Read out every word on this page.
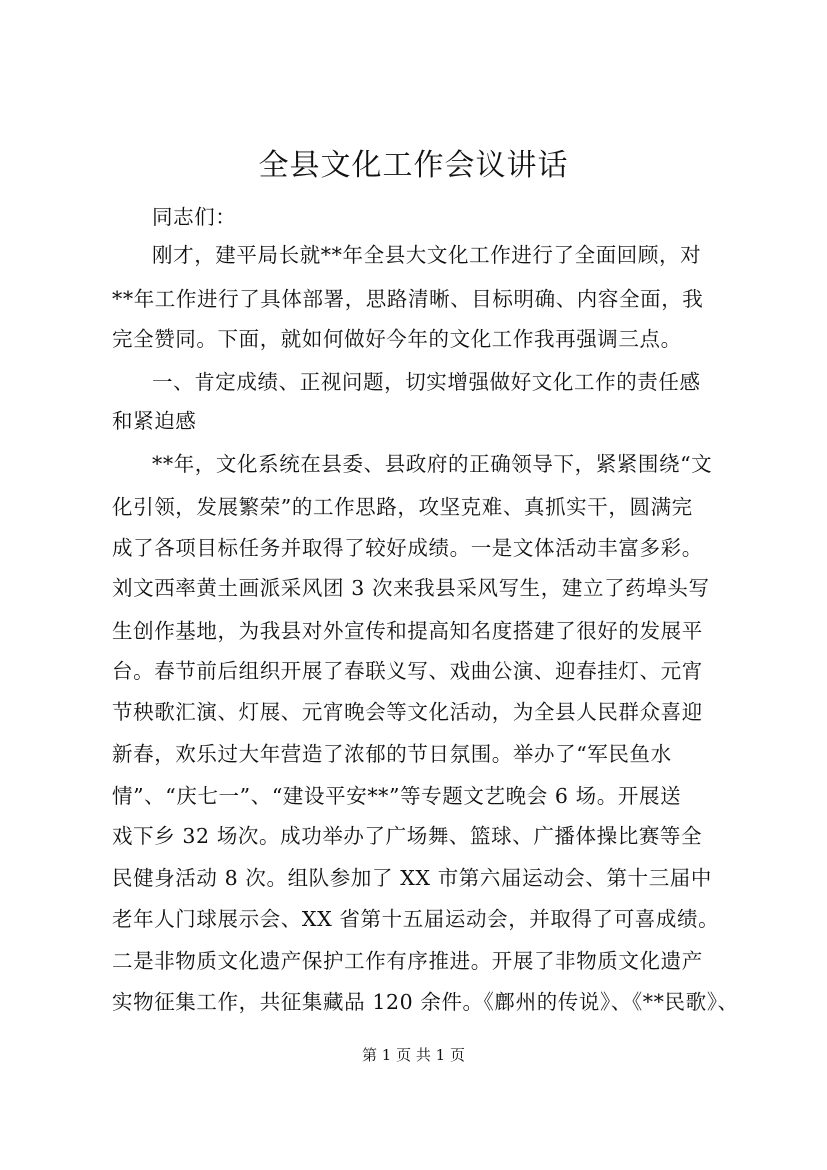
全县文化工作会议讲话
同志们：
刚才，建平局长就**年全县大文化工作进行了全面回顾，对
**年工作进行了具体部署，思路清晰、目标明确、内容全面，我
完全赞同。下面，就如何做好今年的文化工作我再强调三点。
一、肯定成绩、正视问题，切实增强做好文化工作的责任感
和紧迫感
**年，文化系统在县委、县政府的正确领导下，紧紧围绕“文
化引领，发展繁荣”的工作思路，攻坚克难、真抓实干，圆满完
成了各项目标任务并取得了较好成绩。一是文体活动丰富多彩。
刘文西率黄土画派采风团 3 次来我县采风写生，建立了药埠头写
生创作基地，为我县对外宣传和提高知名度搭建了很好的发展平
台。春节前后组织开展了春联义写、戏曲公演、迎春挂灯、元宵
节秧歌汇演、灯展、元宵晚会等文化活动，为全县人民群众喜迎
新春，欢乐过大年营造了浓郁的节日氛围。举办了“军民鱼水
情”、“庆七一”、“建设平安**”等专题文艺晚会 6 场。开展送
戏下乡 32 场次。成功举办了广场舞、篮球、广播体操比赛等全
民健身活动 8 次。组队参加了 XX 市第六届运动会、第十三届中
老年人门球展示会、XX 省第十五届运动会，并取得了可喜成绩。
二是非物质文化遗产保护工作有序推进。开展了非物质文化遗产
实物征集工作，共征集藏品 120 余件。《鄜州的传说》、《**民歌》、
第 1 页 共 1 页
